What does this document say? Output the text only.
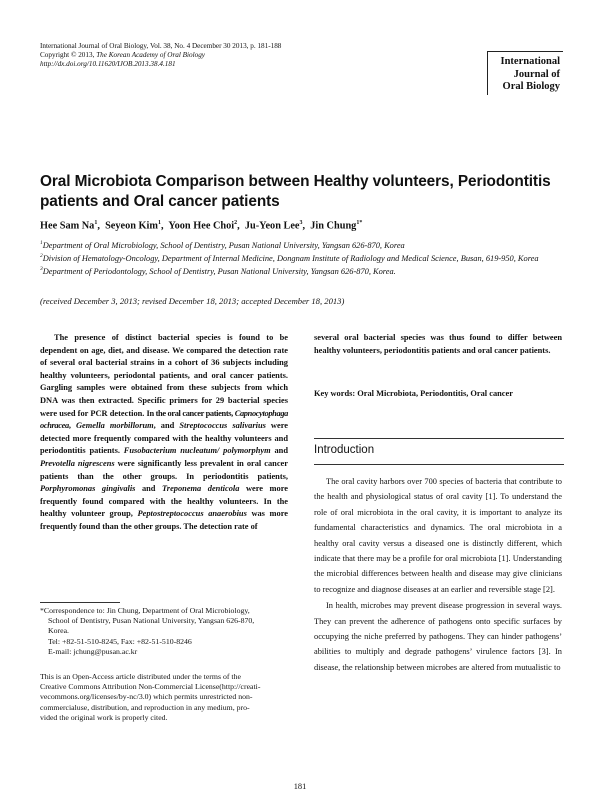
International Journal of Oral Biology, Vol. 38, No. 4 December 30 2013, p. 181-188
Copyright © 2013, The Korean Academy of Oral Biology
http://dx.doi.org/10.11620/IJOB.2013.38.4.181	International
Journal of
Oral Biology
Oral Microbiota Comparison between Healthy volunteers, Periodontitis patients and Oral cancer patients
Hee Sam Na$^1$,  Seyeon Kim$^1$,  Yoon Hee Choi$^2$,  Ju-Yeon Lee$^3$,  Jin Chung$^{1*}$
$^1$Department of Oral Microbiology, School of Dentistry, Pusan National University, Yangsan 626-870, Korea
$^2$Division of Hematology-Oncology, Department of Internal Medicine, Dongnam Institute of Radiology and Medical Science, Busan, 619-950, Korea
$^3$Department of Periodontology, School of Dentistry, Pusan National University, Yangsan 626-870, Korea.
(received December 3, 2013; revised December 18, 2013; accepted December 18, 2013)
The presence of distinct bacterial species is found to be dependent on age, diet, and disease. We compared the detection rate of several oral bacterial strains in a cohort of 36 subjects including healthy volunteers, periodontal patients, and oral cancer patients. Gargling samples were obtained from these subjects from which DNA was then extracted. Specific primers for 29 bacterial species were used for PCR detection. In the oral cancer patients, Capnocytophaga ochracea, Gemella morbillorum, and Streptococcus salivarius were detected more frequently compared with the healthy volunteers and periodontitis patients. Fusobacterium nucleatum/ polymorphym and Prevotella nigrescens were significantly less prevalent in oral cancer patients than the other groups. In periodontitis patients, Porphyromonas gingivalis and Treponema denticola were more frequently found compared with the healthy volunteers. In the healthy volunteer group, Peptostreptococcus anaerobius was more frequently found than the other groups. The detection rate of
several oral bacterial species was thus found to differ between healthy volunteers, periodontitis patients and oral cancer patients.
Key words: Oral Microbiota, Periodontitis, Oral cancer
Introduction

The oral cavity harbors over 700 species of bacteria that contribute to the health and physiological status of oral cavity [1]. To understand the role of oral microbiota in the oral cavity, it is important to analyze its fundamental characteristics and dynamics. The oral microbiota in a healthy oral cavity versus a diseased one is distinctly different, which indicate that there may be a profile for oral microbiota [1]. Understanding the microbial differences between health and disease may give clinicians to recognize and diagnose diseases at an earlier and reversible stage [2].

In health, microbes may prevent disease progression in several ways. They can prevent the adherence of pathogens onto specific surfaces by occupying the niche preferred by pathogens. They can hinder pathogens’ abilities to multiply and degrade pathogens’ virulence factors [3]. In disease, the relationship between microbes are altered from mutualistic to

*Correspondence to: Jin Chung, Department of Oral Microbiology,
School of Dentistry, Pusan National University, Yangsan 626-870,
Korea.
Tel: +82-51-510-8245, Fax: +82-51-510-8246
E-mail: jchung@pusan.ac.kr
This is an Open-Access article distributed under the terms of the
Creative Commons Attribution Non-Commercial License(http://creati-
vecommons.org/licenses/by-nc/3.0) which permits unrestricted non-
commercialuse, distribution, and reproduction in any medium, pro-
vided the original work is properly cited.
181
